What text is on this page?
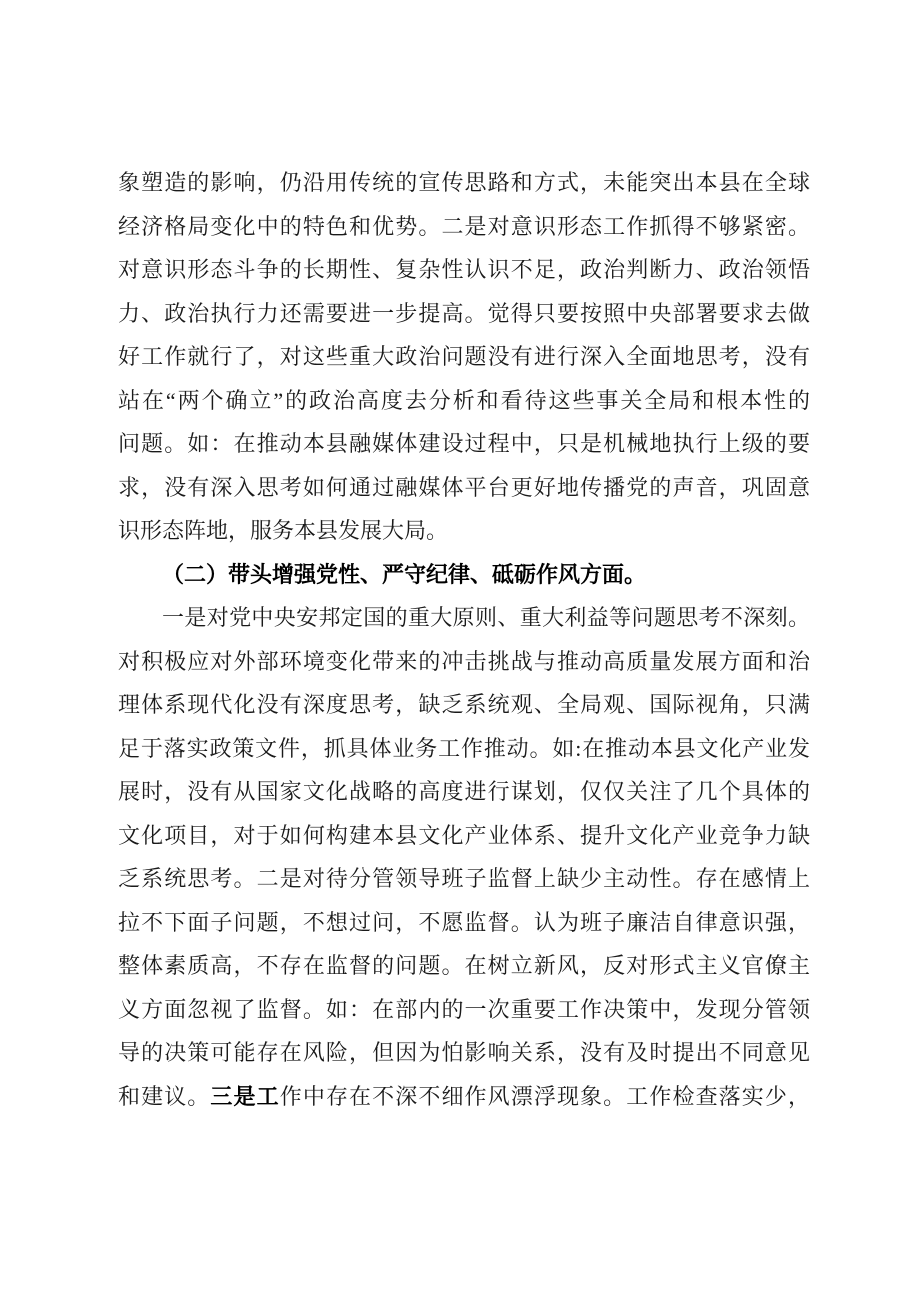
象塑造的影响，仍沿用传统的宣传思路和方式，未能突出本县在全球
经济格局变化中的特色和优势。二是对意识形态工作抓得不够紧密。
对意识形态斗争的长期性、复杂性认识不足，政治判断力、政治领悟
力、政治执行力还需要进一步提高。觉得只要按照中央部署要求去做
好工作就行了，对这些重大政治问题没有进行深入全面地思考，没有
站在“两个确立”的政治高度去分析和看待这些事关全局和根本性的
问题。如：在推动本县融媒体建设过程中，只是机械地执行上级的要
求，没有深入思考如何通过融媒体平台更好地传播党的声音，巩固意
识形态阵地，服务本县发展大局。
（二）带头增强党性、严守纪律、砥砺作风方面。
一是对党中央安邦定国的重大原则、重大利益等问题思考不深刻。
对积极应对外部环境变化带来的冲击挑战与推动高质量发展方面和治
理体系现代化没有深度思考，缺乏系统观、全局观、国际视角，只满
足于落实政策文件，抓具体业务工作推动。如:在推动本县文化产业发
展时，没有从国家文化战略的高度进行谋划，仅仅关注了几个具体的
文化项目，对于如何构建本县文化产业体系、提升文化产业竞争力缺
乏系统思考。二是对待分管领导班子监督上缺少主动性。存在感情上
拉不下面子问题，不想过问，不愿监督。认为班子廉洁自律意识强，
整体素质高，不存在监督的问题。在树立新风，反对形式主义官僚主
义方面忽视了监督。如：在部内的一次重要工作决策中，发现分管领
导的决策可能存在风险，但因为怕影响关系，没有及时提出不同意见
和建议。三是工作中存在不深不细作风漂浮现象。工作检查落实少，
